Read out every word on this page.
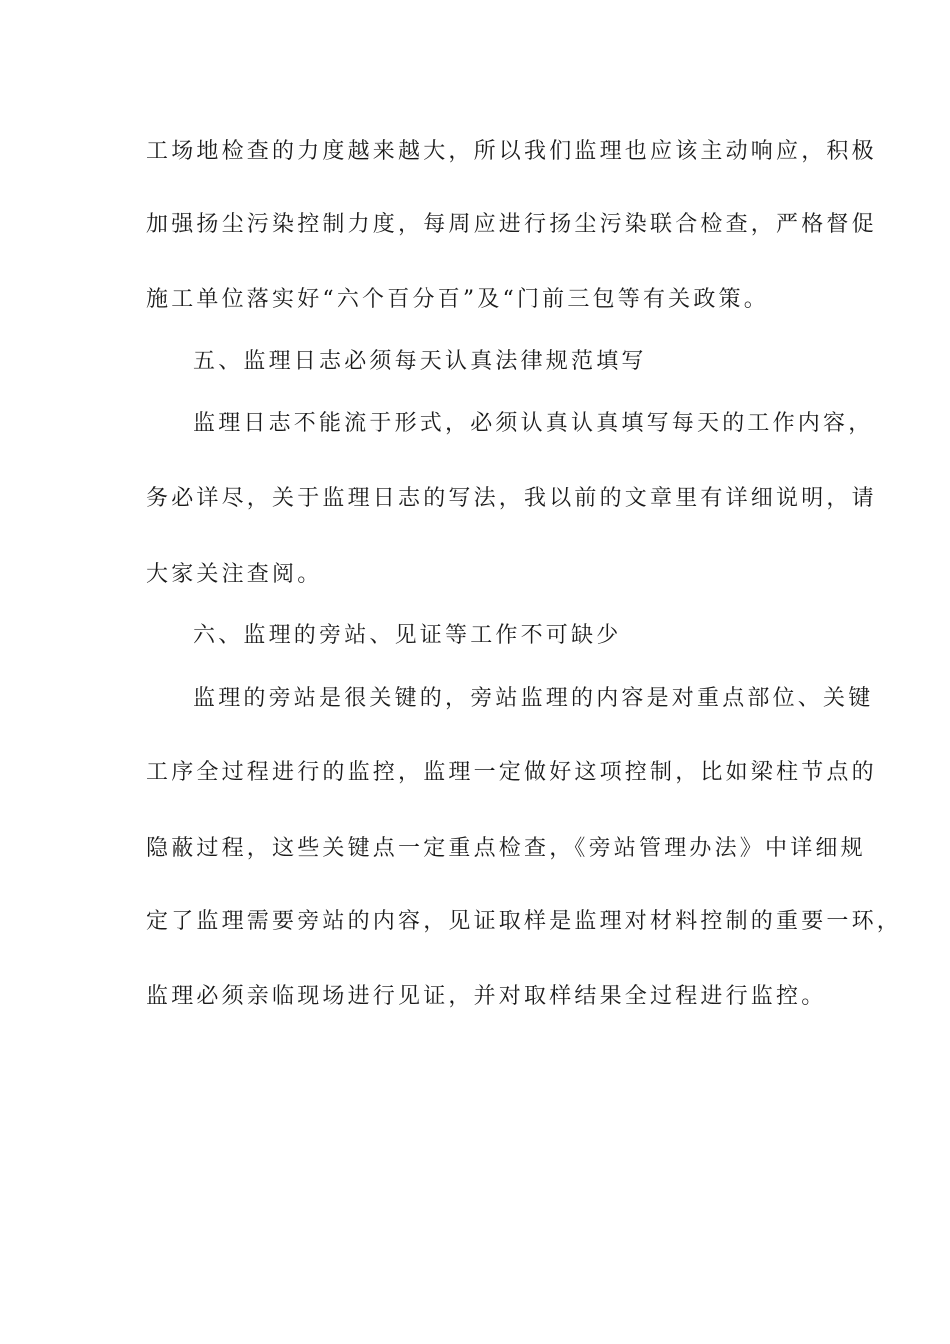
工场地检查的力度越来越大，所以我们监理也应该主动响应，积极
加强扬尘污染控制力度，每周应进行扬尘污染联合检查，严格督促
施工单位落实好“六个百分百”及“门前三包等有关政策。
五、监理日志必须每天认真法律规范填写
监理日志不能流于形式，必须认真认真填写每天的工作内容，
务必详尽，关于监理日志的写法，我以前的文章里有详细说明，请
大家关注查阅。
六、监理的旁站、见证等工作不可缺少
监理的旁站是很关键的，旁站监理的内容是对重点部位、关键
工序全过程进行的监控，监理一定做好这项控制，比如梁柱节点的
隐蔽过程，这些关键点一定重点检查，《旁站管理办法》中详细规
定了监理需要旁站的内容，见证取样是监理对材料控制的重要一环，
监理必须亲临现场进行见证，并对取样结果全过程进行监控。
